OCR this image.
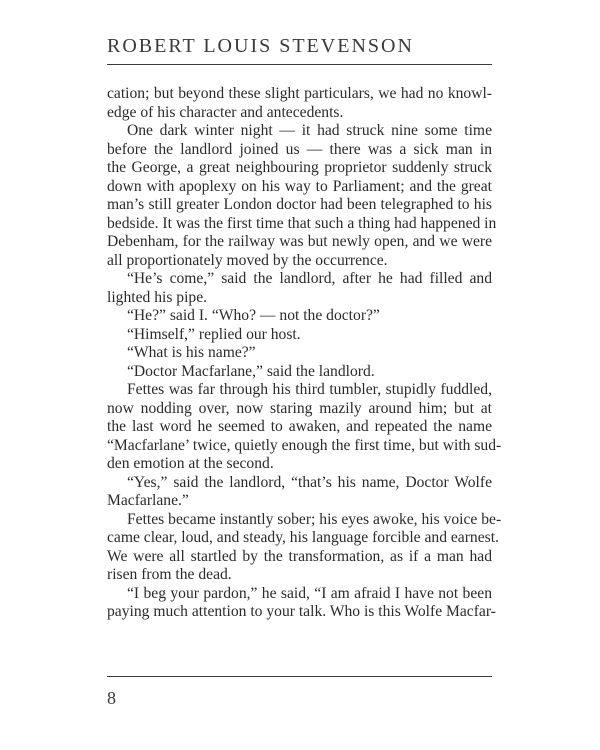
ROBERT LOUIS STEVENSON
cation; but beyond these slight particulars, we had no knowl-
edge of his character and antecedents.
One dark winter night — it had struck nine some time
before the landlord joined us — there was a sick man in
the George, a great neighbouring proprietor suddenly struck
down with apoplexy on his way to Parliament; and the great
man’s still greater London doctor had been telegraphed to his
bedside. It was the first time that such a thing had happened in
Debenham, for the railway was but newly open, and we were
all proportionately moved by the occurrence.
“He’s come,” said the landlord, after he had filled and
lighted his pipe.
“He?” said I. “Who? — not the doctor?”
“Himself,” replied our host.
“What is his name?”
“Doctor Macfarlane,” said the landlord.
Fettes was far through his third tumbler, stupidly fuddled,
now nodding over, now staring mazily around him; but at
the last word he seemed to awaken, and repeated the name
“Macfarlane’ twice, quietly enough the first time, but with sud-
den emotion at the second.
“Yes,” said the landlord, “that’s his name, Doctor Wolfe
Macfarlane.”
Fettes became instantly sober; his eyes awoke, his voice be-
came clear, loud, and steady, his language forcible and earnest.
We were all startled by the transformation, as if a man had
risen from the dead.
“I beg your pardon,” he said, “I am afraid I have not been
paying much attention to your talk. Who is this Wolfe Macfar-
8
